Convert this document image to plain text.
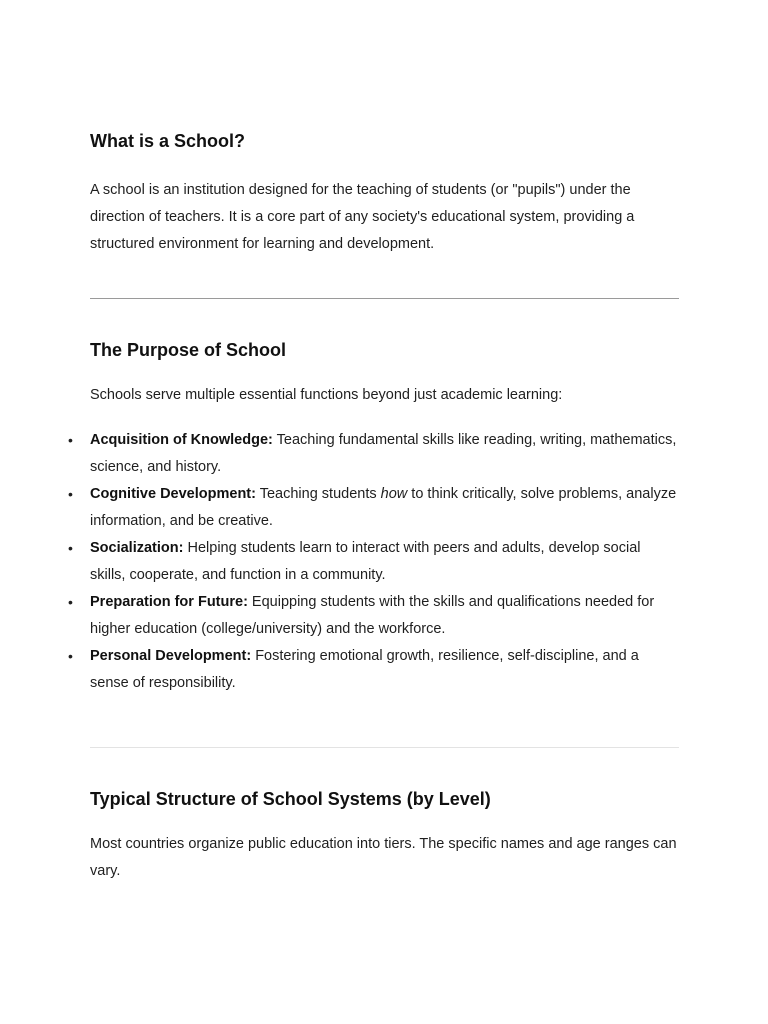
What is a School?

A school is an institution designed for the teaching of students (or "pupils") under the direction of teachers. It is a core part of any society's educational system, providing a structured environment for learning and development.

The Purpose of School

Schools serve multiple essential functions beyond just academic learning:

• Acquisition of Knowledge: Teaching fundamental skills like reading, writing, mathematics, science, and history.
• Cognitive Development: Teaching students how to think critically, solve problems, analyze information, and be creative.
• Socialization: Helping students learn to interact with peers and adults, develop social skills, cooperate, and function in a community.
• Preparation for Future: Equipping students with the skills and qualifications needed for higher education (college/university) and the workforce.
• Personal Development: Fostering emotional growth, resilience, self-discipline, and a sense of responsibility.
Typical Structure of School Systems (by Level)

Most countries organize public education into tiers. The specific names and age ranges can vary.
